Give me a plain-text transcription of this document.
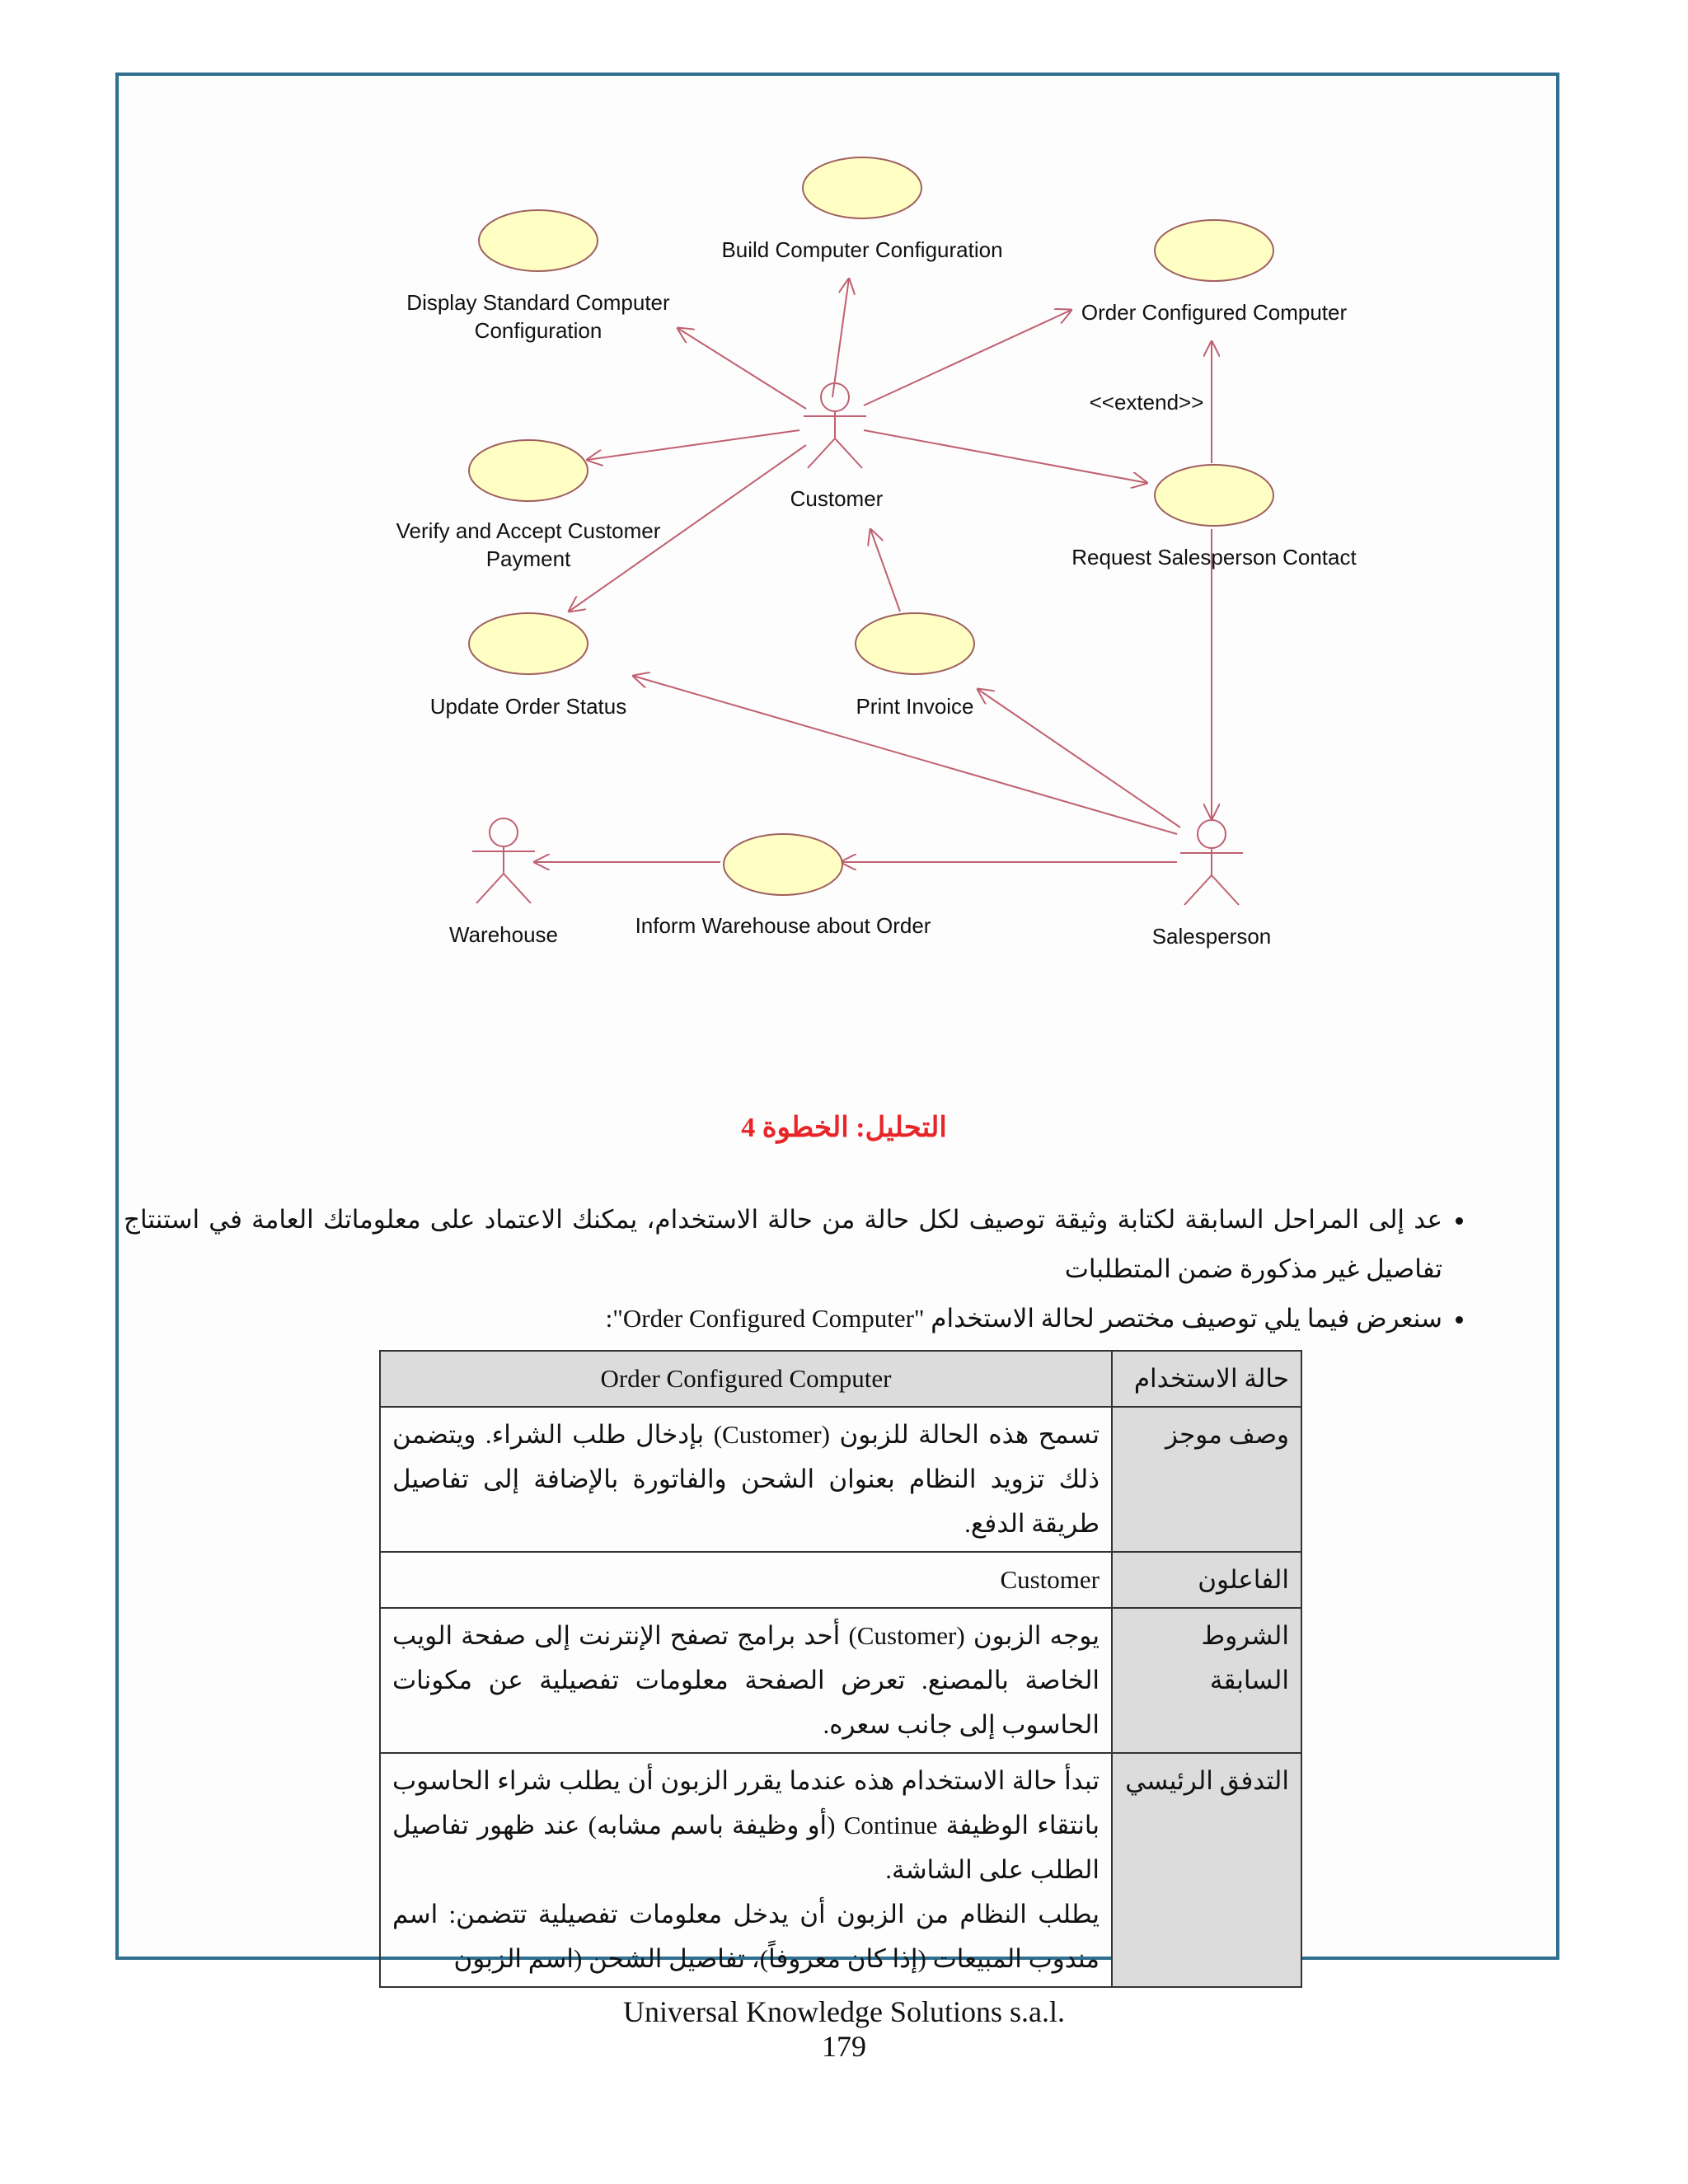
Build Computer Configuration
Display Standard Computer
Configuration
Order Configured Computer
<<extend>>
Customer
Verify and Accept Customer
Payment	Request Salesperson Contact
Update Order Status	Print Invoice
Inform Warehouse about Order
Warehouse	Salesperson
التحليل: الخطوة 4
• عد إلى المراحل السابقة لكتابة وثيقة توصيف لكل حالة من حالة الاستخدام، يمكنك الاعتماد على معلوماتك العامة في استنتاج تفاصيل غير مذكورة ضمن المتطلبات
• سنعرض فيما يلي توصيف مختصر لحالة الاستخدام "Order Configured Computer":
حالة الاستخدام	Order Configured Computer
وصف موجز	تسمح هذه الحالة للزبون (Customer) بإدخال طلب الشراء. ويتضمن ذلك تزويد النظام بعنوان الشحن والفاتورة بالإضافة إلى تفاصيل طريقة الدفع.
الفاعلون	Customer
الشروط السابقة	يوجه الزبون (Customer) أحد برامج تصفح الإنترنت إلى صفحة الويب الخاصة بالمصنع. تعرض الصفحة معلومات تفصيلية عن مكونات الحاسوب إلى جانب سعره.
التدفق الرئيسي	تبدأ حالة الاستخدام هذه عندما يقرر الزبون أن يطلب شراء الحاسوب بانتقاء الوظيفة Continue (أو وظيفة باسم مشابه) عند ظهور تفاصيل الطلب على الشاشة.
يطلب النظام من الزبون أن يدخل معلومات تفصيلية تتضمن: اسم مندوب المبيعات (إذا كان معروفاً)، تفاصيل الشحن (اسم الزبون
Universal Knowledge Solutions s.a.l.
179
